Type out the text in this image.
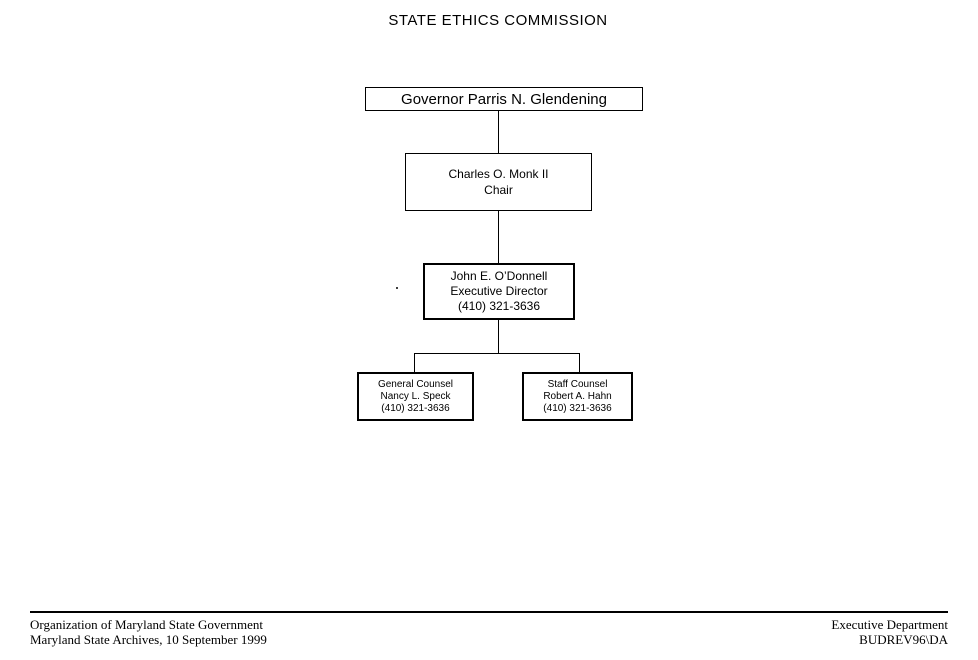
STATE ETHICS COMMISSION
Governor Parris N. Glendening
Charles O. Monk II
Chair
John E. O’Donnell
Executive Director
(410) 321-3636
General Counsel
Nancy L. Speck
(410) 321-3636
Staff Counsel
Robert A. Hahn
(410) 321-3636
Organization of Maryland State Government
Maryland State Archives, 10 September 1999
Executive Department
BUDREV96\DA
